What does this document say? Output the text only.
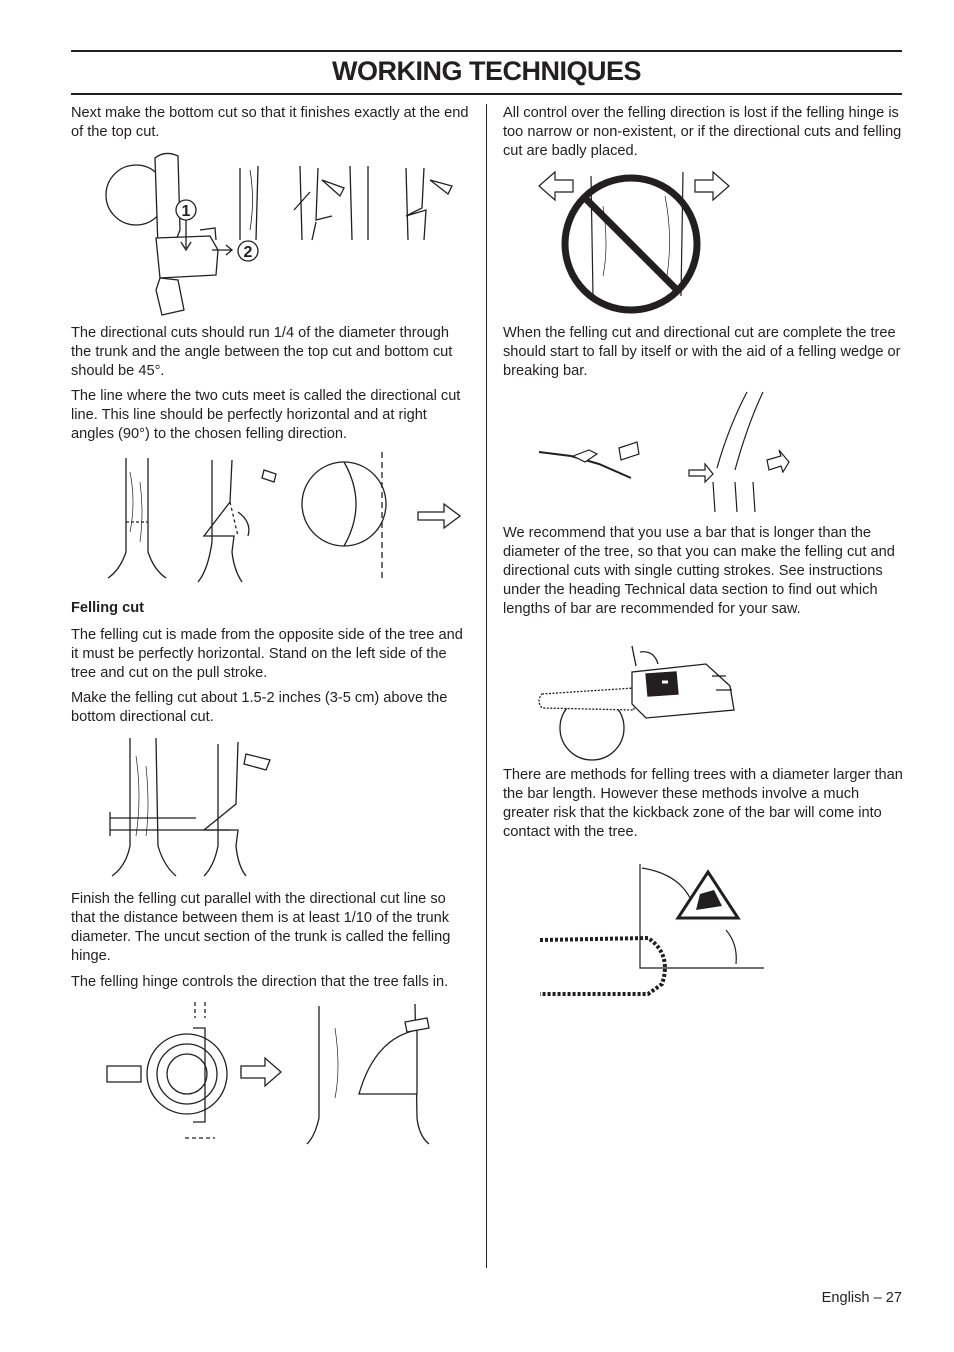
WORKING TECHNIQUES

Next make the bottom cut so that it finishes exactly at the end of the top cut.

1
2

The directional cuts should run 1/4 of the diameter through the trunk and the angle between the top cut and bottom cut should be 45°.

The line where the two cuts meet is called the directional cut line. This line should be perfectly horizontal and at right angles (90°) to the chosen felling direction.

Felling cut

The felling cut is made from the opposite side of the tree and it must be perfectly horizontal. Stand on the left side of the tree and cut on the pull stroke.

Make the felling cut about 1.5-2 inches (3-5 cm) above the bottom directional cut.

Finish the felling cut parallel with the directional cut line so that the distance between them is at least 1/10 of the trunk diameter. The uncut section of the trunk is called the felling hinge.

The felling hinge controls the direction that the tree falls in.

All control over the felling direction is lost if the felling hinge is too narrow or non-existent, or if the directional cuts and felling cut are badly placed.

When the felling cut and directional cut are complete the tree should start to fall by itself or with the aid of a felling wedge or breaking bar.

We recommend that you use a bar that is longer than the diameter of the tree, so that you can make the felling cut and directional cuts with single cutting strokes. See instructions under the heading Technical data section to find out which lengths of bar are recommended for your saw.

There are methods for felling trees with a diameter larger than the bar length. However these methods involve a much greater risk that the kickback zone of the bar will come into contact with the tree.

English – 27
